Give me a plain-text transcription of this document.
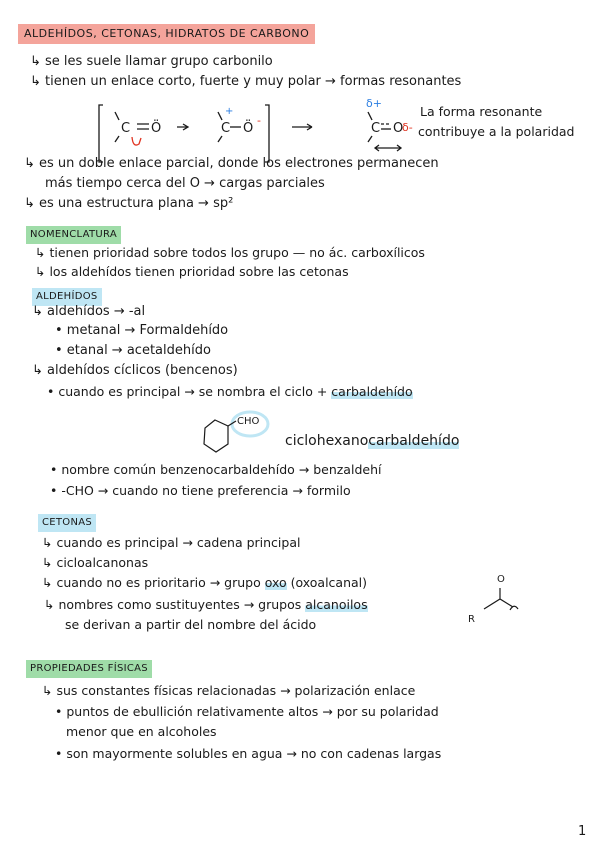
ALDEHÍDOS, CETONAS, HIDRATOS DE CARBONO
↳ se les suele llamar grupo carbonilo
↳ tienen un enlace corto, fuerte y muy polar → formas resonantes
C Ö	C Ö
+
-
C O
δ+
δ-
La forma resonante
contribuye a la polaridad
↳ es un doble enlace parcial, donde los electrones permanecen
más tiempo cerca del O → cargas parciales
↳ es una estructura plana → sp²
NOMENCLATURA
↳ tienen prioridad sobre todos los grupo — no ác. carboxílicos
↳ los aldehídos tienen prioridad sobre las cetonas
ALDEHÍDOS
↳ aldehídos → -al
• metanal → Formaldehído
• etanal → acetaldehído
↳ aldehídos cíclicos (bencenos)
• cuando es principal → se nombra el ciclo + carbaldehído
CHO
ciclohexanocarbaldehído
• nombre común benzenocarbaldehído → benzaldehí
• -CHO → cuando no tiene preferencia → formilo
CETONAS
↳ cuando es principal → cadena principal
↳ cicloalcanonas
↳ cuando no es prioritario → grupo oxo (oxoalcanal)
↳ nombres como sustituyentes → grupos alcanoilos
se derivan a partir del nombre del ácido
O
R
PROPIEDADES FÍSICAS
↳ sus constantes físicas relacionadas → polarización enlace
• puntos de ebullición relativamente altos → por su polaridad
menor que en alcoholes
• son mayormente solubles en agua → no con cadenas largas
1
